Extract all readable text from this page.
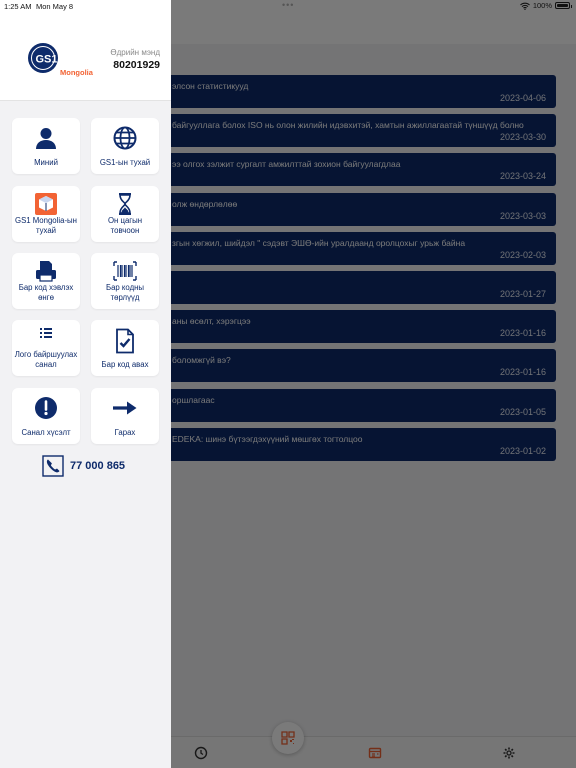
1:25 AM Mon May 8	•••	100%
GS1
Mongolia
Өдрийн мэнд
80201929
Миний	GS1-ын тухай
GS1 Mongolia-ын тухай
Он цагын товчоон
Бар код хэвлэх өнгө
Бар кодны төрлүүд
Лого байршуулах санал	Бар код авах
Санал хүсэлт	Гарах
77 000 865
